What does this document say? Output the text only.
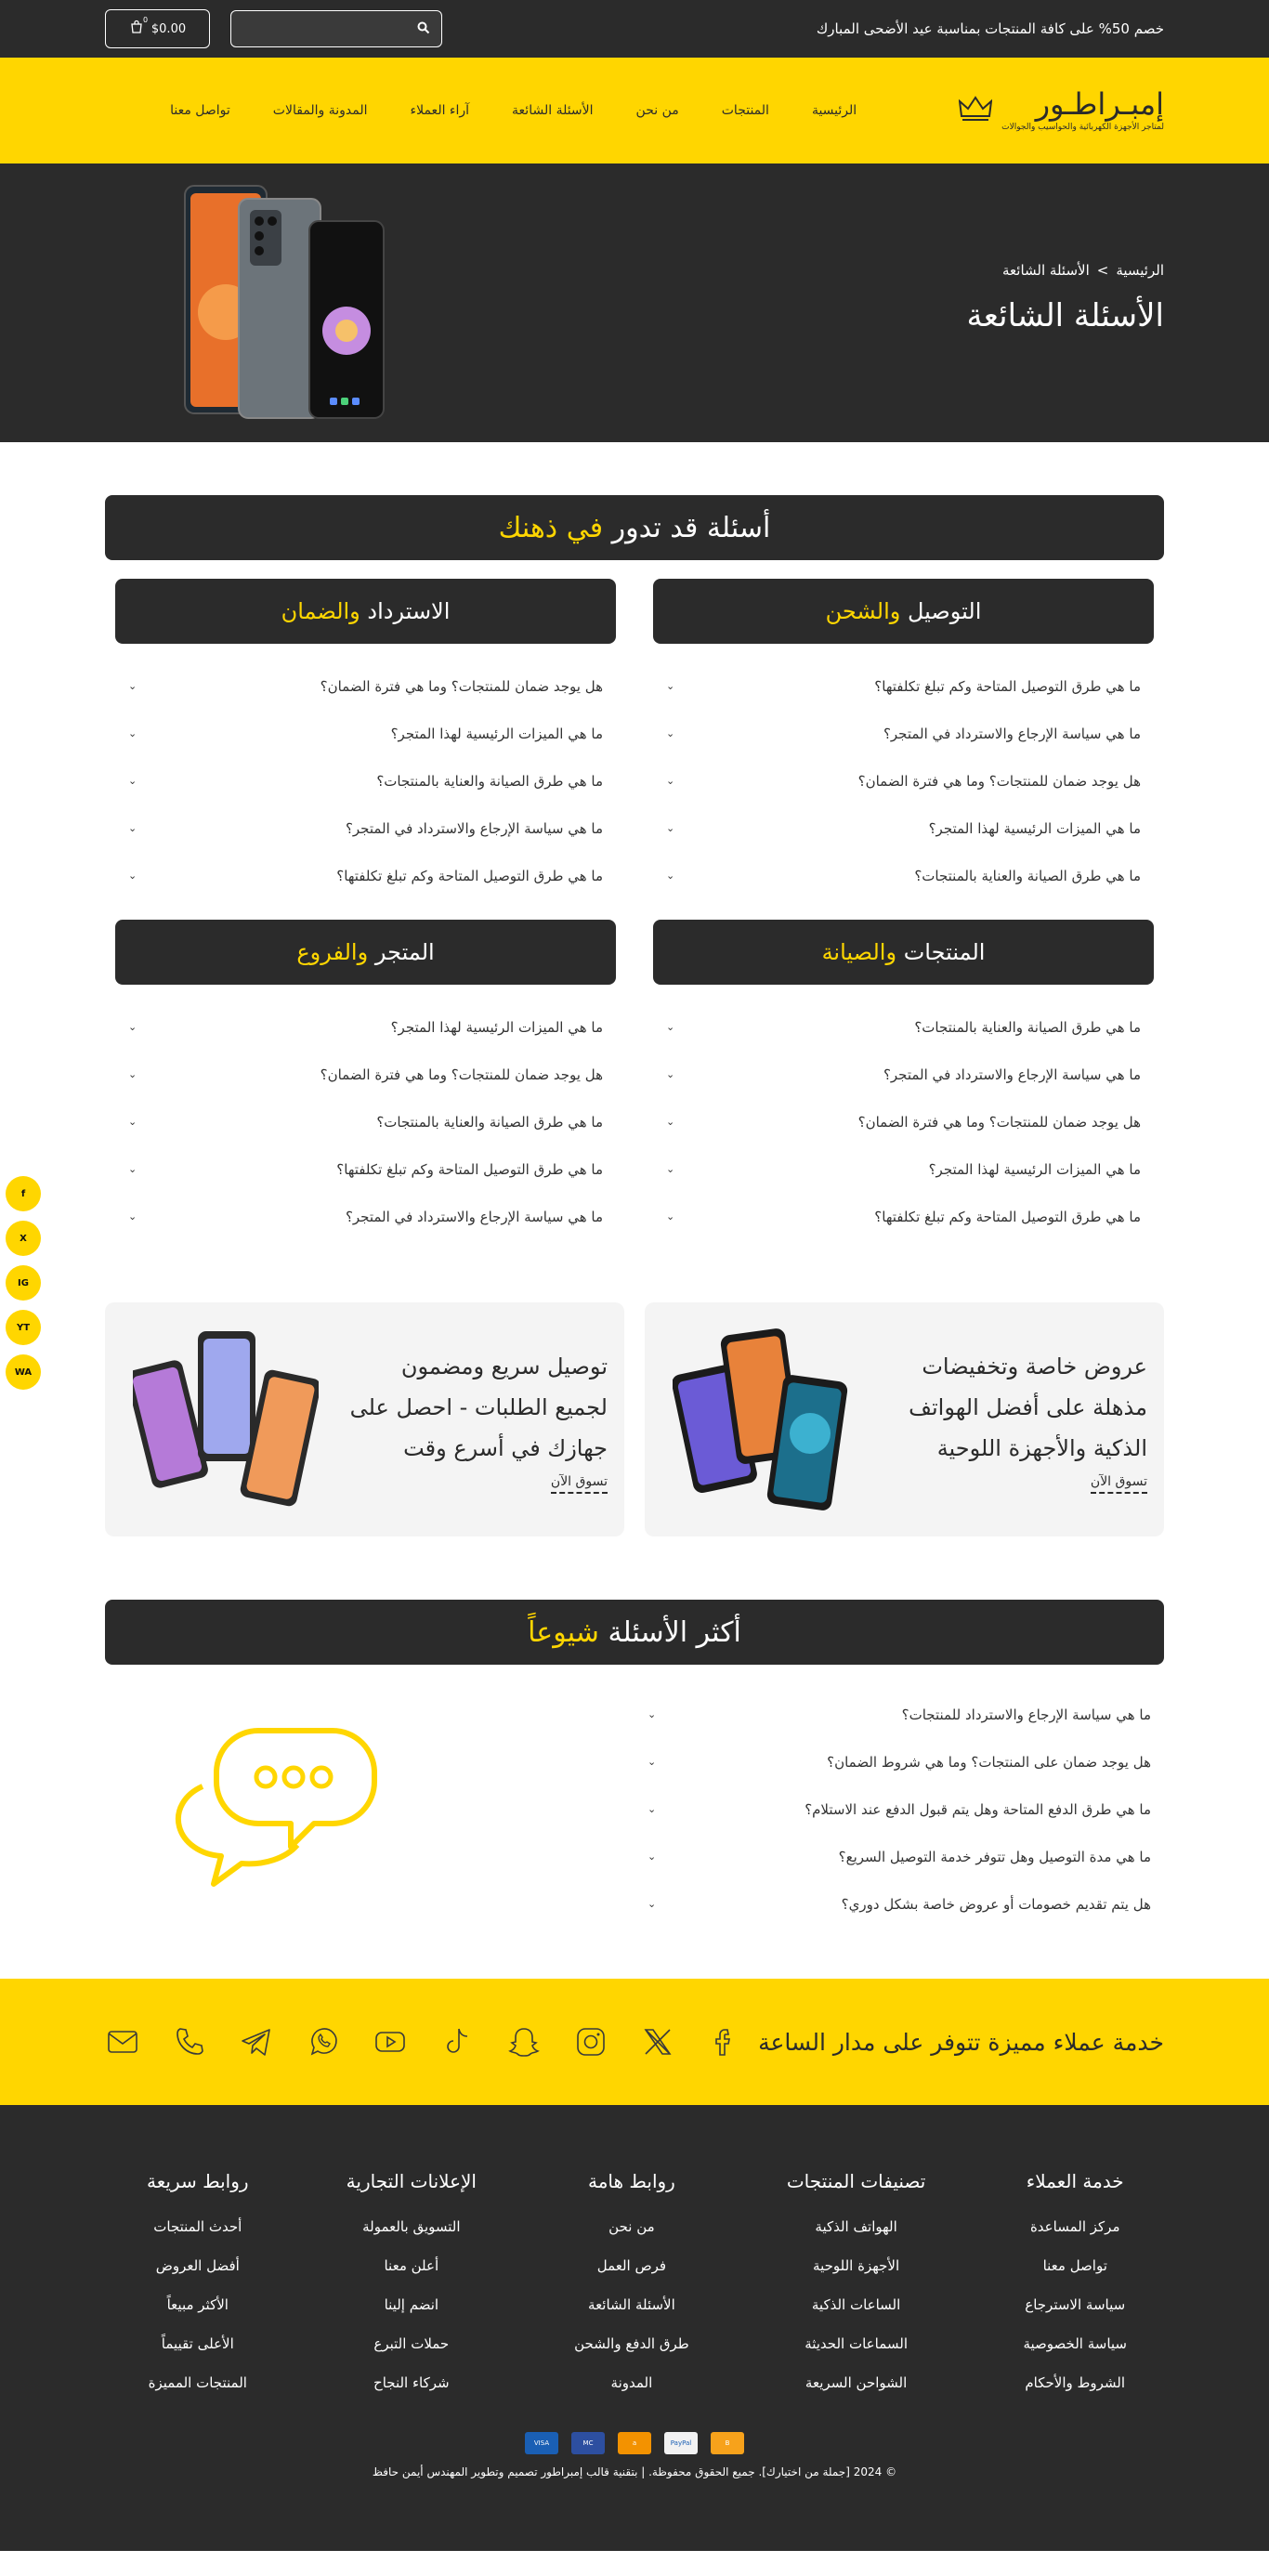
f
X
IG
YT
WA
خصم 50% على كافة المنتجات بمناسبة عيد الأضحى المبارك
0
$0.00
إمبـراطـور
لمتاجر الأجهزة الكهربائية والحواسيب والجوالات
الرئيسية
المنتجات
من نحن
الأسئلة الشائعة
آراء العملاء
المدونة والمقالات
تواصل معنا
الرئيسية
>
الأسئلة الشائعة
الأسئلة الشائعة
أسئلة قد تدور

في ذهنك
التوصيل

والشحن
ما هي طرق التوصيل المتاحة وكم تبلغ تكلفتها؟
⌄
ما هي سياسة الإرجاع والاسترداد في المتجر؟
⌄
هل يوجد ضمان للمنتجات؟ وما هي فترة الضمان؟
⌄
ما هي الميزات الرئيسية لهذا المتجر؟
⌄
ما هي طرق الصيانة والعناية بالمنتجات؟
⌄
الاسترداد

والضمان
هل يوجد ضمان للمنتجات؟ وما هي فترة الضمان؟
⌄
ما هي الميزات الرئيسية لهذا المتجر؟
⌄
ما هي طرق الصيانة والعناية بالمنتجات؟
⌄
ما هي سياسة الإرجاع والاسترداد في المتجر؟
⌄
ما هي طرق التوصيل المتاحة وكم تبلغ تكلفتها؟
⌄
المنتجات

والصيانة
ما هي طرق الصيانة والعناية بالمنتجات؟
⌄
ما هي سياسة الإرجاع والاسترداد في المتجر؟
⌄
هل يوجد ضمان للمنتجات؟ وما هي فترة الضمان؟
⌄
ما هي الميزات الرئيسية لهذا المتجر؟
⌄
ما هي طرق التوصيل المتاحة وكم تبلغ تكلفتها؟
⌄
المتجر

والفروع
ما هي الميزات الرئيسية لهذا المتجر؟
⌄
هل يوجد ضمان للمنتجات؟ وما هي فترة الضمان؟
⌄
ما هي طرق الصيانة والعناية بالمنتجات؟
⌄
ما هي طرق التوصيل المتاحة وكم تبلغ تكلفتها؟
⌄
ما هي سياسة الإرجاع والاسترداد في المتجر؟
⌄

عروض خاصة وتخفيضات

مذهلة على أفضل الهواتف

الذكية والأجهزة اللوحية

تسوق الآن

توصيل سريع ومضمون

لجميع الطلبات - احصل على

جهازك في أسرع وقت

تسوق الآن
أكثر الأسئلة

شيوعاً
ما هي سياسة الإرجاع والاسترداد للمنتجات؟
⌄
هل يوجد ضمان على المنتجات؟ وما هي شروط الضمان؟
⌄
ما هي طرق الدفع المتاحة وهل يتم قبول الدفع عند الاستلام؟
⌄
ما هي مدة التوصيل وهل تتوفر خدمة التوصيل السريع؟
⌄
هل يتم تقديم خصومات أو عروض خاصة بشكل دوري؟
⌄
خدمة عملاء مميزة تتوفر على مدار الساعة
خدمة العملاء
مركز المساعدة
تواصل معنا
سياسة الاسترجاع
سياسة الخصوصية
الشروط والأحكام
تصنيفات المنتجات
الهواتف الذكية
الأجهزة اللوحية
الساعات الذكية
السماعات الحديثة
الشواحن السريعة
روابط هامة
من نحن
فرص العمل
الأسئلة الشائعة
طرق الدفع والشحن
المدونة
الإعلانات التجارية
التسويق بالعمولة
أعلن معنا
انضم إلينا
حملات التبرع
شركاء النجاح
روابط سريعة
أحدث المنتجات
أفضل العروض
الأكثر مبيعاً
الأعلى تقييماً
المنتجات المميزة
VISA	MC	a	PayPal	B
© 2024 [جملة من اختيارك]. جميع الحقوق محفوظة. | بتقنية قالب إمبراطور تصميم وتطوير المهندس أيمن حافظ
